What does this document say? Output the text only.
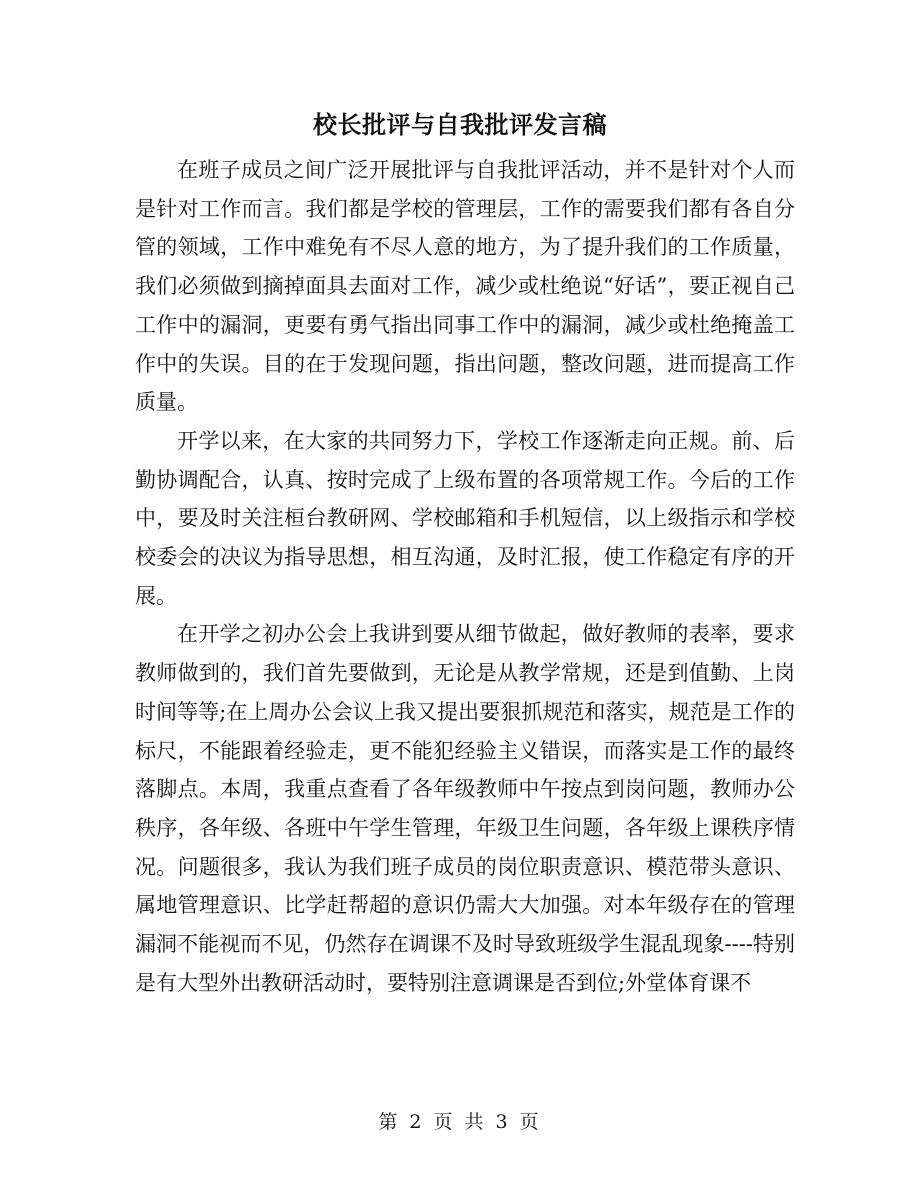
校长批评与自我批评发言稿

在班子成员之间广泛开展批评与自我批评活动，并不是针对个人而是针对工作而言。我们都是学校的管理层，工作的需要我们都有各自分管的领域，工作中难免有不尽人意的地方，为了提升我们的工作质量，我们必须做到摘掉面具去面对工作，减少或杜绝说“好话”，要正视自己工作中的漏洞，更要有勇气指出同事工作中的漏洞，减少或杜绝掩盖工作中的失误。目的在于发现问题，指出问题，整改问题，进而提高工作质量。

开学以来，在大家的共同努力下，学校工作逐渐走向正规。前、后勤协调配合，认真、按时完成了上级布置的各项常规工作。今后的工作中，要及时关注桓台教研网、学校邮箱和手机短信，以上级指示和学校校委会的决议为指导思想，相互沟通，及时汇报，使工作稳定有序的开展。

在开学之初办公会上我讲到要从细节做起，做好教师的表率，要求教师做到的，我们首先要做到，无论是从教学常规，还是到值勤、上岗时间等等;在上周办公会议上我又提出要狠抓规范和落实，规范是工作的标尺，不能跟着经验走，更不能犯经验主义错误，而落实是工作的最终落脚点。本周，我重点查看了各年级教师中午按点到岗问题，教师办公秩序，各年级、各班中午学生管理，年级卫生问题，各年级上课秩序情况。问题很多，我认为我们班子成员的岗位职责意识、模范带头意识、属地管理意识、比学赶帮超的意识仍需大大加强。对本年级存在的管理漏洞不能视而不见，仍然存在调课不及时导致班级学生混乱现象----特别是有大型外出教研活动时，要特别注意调课是否到位;外堂体育课不

第 2 页 共 3 页
